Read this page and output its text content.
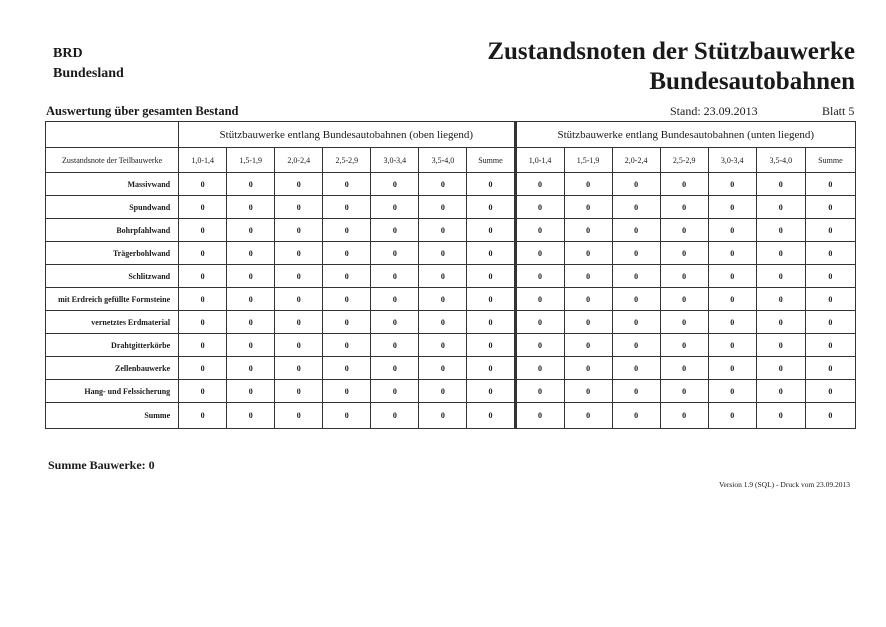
BRD
Bundesland
Zustandsnoten der Stützbauwerke
Bundesautobahnen
Auswertung über gesamten Bestand	Stand: 23.09.2013	Blatt 5
	Stützbauwerke entlang Bundesautobahnen (oben liegend)							Stützbauwerke entlang Bundesautobahnen (unten liegend)						
Zustandsnote der Teilbauwerke	1,0-1,4	1,5-1,9	2,0-2,4	2,5-2,9	3,0-3,4	3,5-4,0	Summe	1,0-1,4	1,5-1,9	2,0-2,4	2,5-2,9	3,0-3,4	3,5-4,0	Summe
Massivwand	0	0	0	0	0	0	0	0	0	0	0	0	0	0
Spundwand	0	0	0	0	0	0	0	0	0	0	0	0	0	0
Bohrpfahlwand	0	0	0	0	0	0	0	0	0	0	0	0	0	0
Trägerbohlwand	0	0	0	0	0	0	0	0	0	0	0	0	0	0
Schlitzwand	0	0	0	0	0	0	0	0	0	0	0	0	0	0
mit Erdreich gefüllte Formsteine	0	0	0	0	0	0	0	0	0	0	0	0	0	0
vernetztes Erdmaterial	0	0	0	0	0	0	0	0	0	0	0	0	0	0
Drahtgitterkörbe	0	0	0	0	0	0	0	0	0	0	0	0	0	0
Zellenbauwerke	0	0	0	0	0	0	0	0	0	0	0	0	0	0
Hang- und Felssicherung	0	0	0	0	0	0	0	0	0	0	0	0	0	0
Summe	0	0	0	0	0	0	0	0	0	0	0	0	0	0
Summe Bauwerke: 0
Version 1.9 (SQL) - Druck vom 23.09.2013
